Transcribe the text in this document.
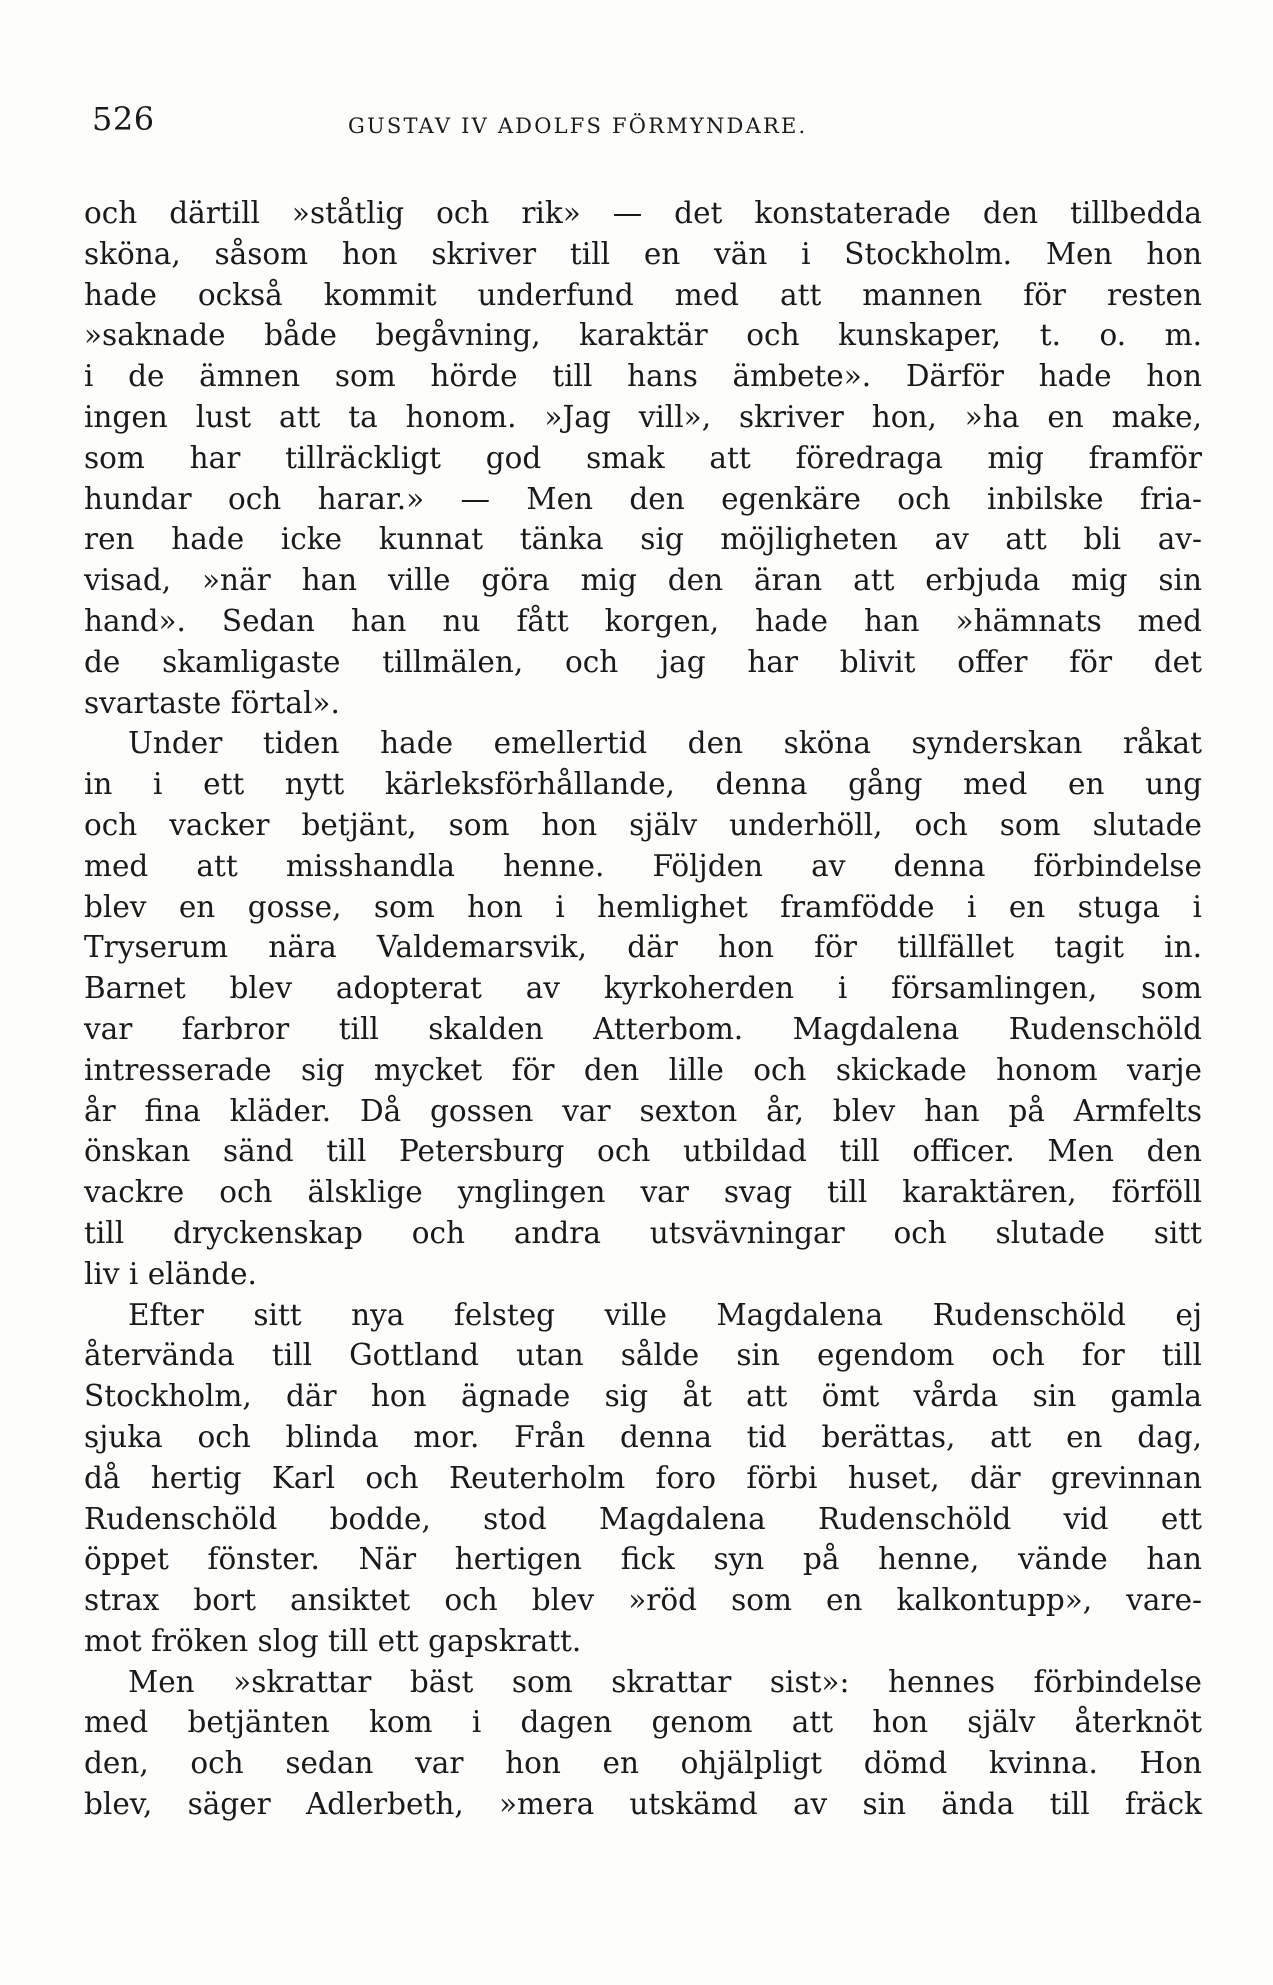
526	GUSTAV IV ADOLFS FÖRMYNDARE.
och därtill »ståtlig och rik» — det konstaterade den tillbedda
sköna, såsom hon skriver till en vän i Stockholm. Men hon
hade också kommit underfund med att mannen för resten
»saknade både begåvning, karaktär och kunskaper, t. o. m.
i de ämnen som hörde till hans ämbete». Därför hade hon
ingen lust att ta honom. »Jag vill», skriver hon, »ha en make,
som har tillräckligt god smak att föredraga mig framför
hundar och harar.» — Men den egenkäre och inbilske fria-
ren hade icke kunnat tänka sig möjligheten av att bli av-
visad, »när han ville göra mig den äran att erbjuda mig sin
hand». Sedan han nu fått korgen, hade han »hämnats med
de skamligaste tillmälen, och jag har blivit offer för det
svartaste förtal».
Under tiden hade emellertid den sköna synderskan råkat
in i ett nytt kärleksförhållande, denna gång med en ung
och vacker betjänt, som hon själv underhöll, och som slutade
med att misshandla henne. Följden av denna förbindelse
blev en gosse, som hon i hemlighet framfödde i en stuga i
Tryserum nära Valdemarsvik, där hon för tillfället tagit in.
Barnet blev adopterat av kyrkoherden i församlingen, som
var farbror till skalden Atterbom. Magdalena Rudenschöld
intresserade sig mycket för den lille och skickade honom varje
år fina kläder. Då gossen var sexton år, blev han på Armfelts
önskan sänd till Petersburg och utbildad till officer. Men den
vackre och älsklige ynglingen var svag till karaktären, förföll
till dryckenskap och andra utsvävningar och slutade sitt
liv i elände.
Efter sitt nya felsteg ville Magdalena Rudenschöld ej
återvända till Gottland utan sålde sin egendom och for till
Stockholm, där hon ägnade sig åt att ömt vårda sin gamla
sjuka och blinda mor. Från denna tid berättas, att en dag,
då hertig Karl och Reuterholm foro förbi huset, där grevinnan
Rudenschöld bodde, stod Magdalena Rudenschöld vid ett
öppet fönster. När hertigen fick syn på henne, vände han
strax bort ansiktet och blev »röd som en kalkontupp», vare-
mot fröken slog till ett gapskratt.
Men »skrattar bäst som skrattar sist»: hennes förbindelse
med betjänten kom i dagen genom att hon själv återknöt
den, och sedan var hon en ohjälpligt dömd kvinna. Hon
blev, säger Adlerbeth, »mera utskämd av sin ända till fräck
